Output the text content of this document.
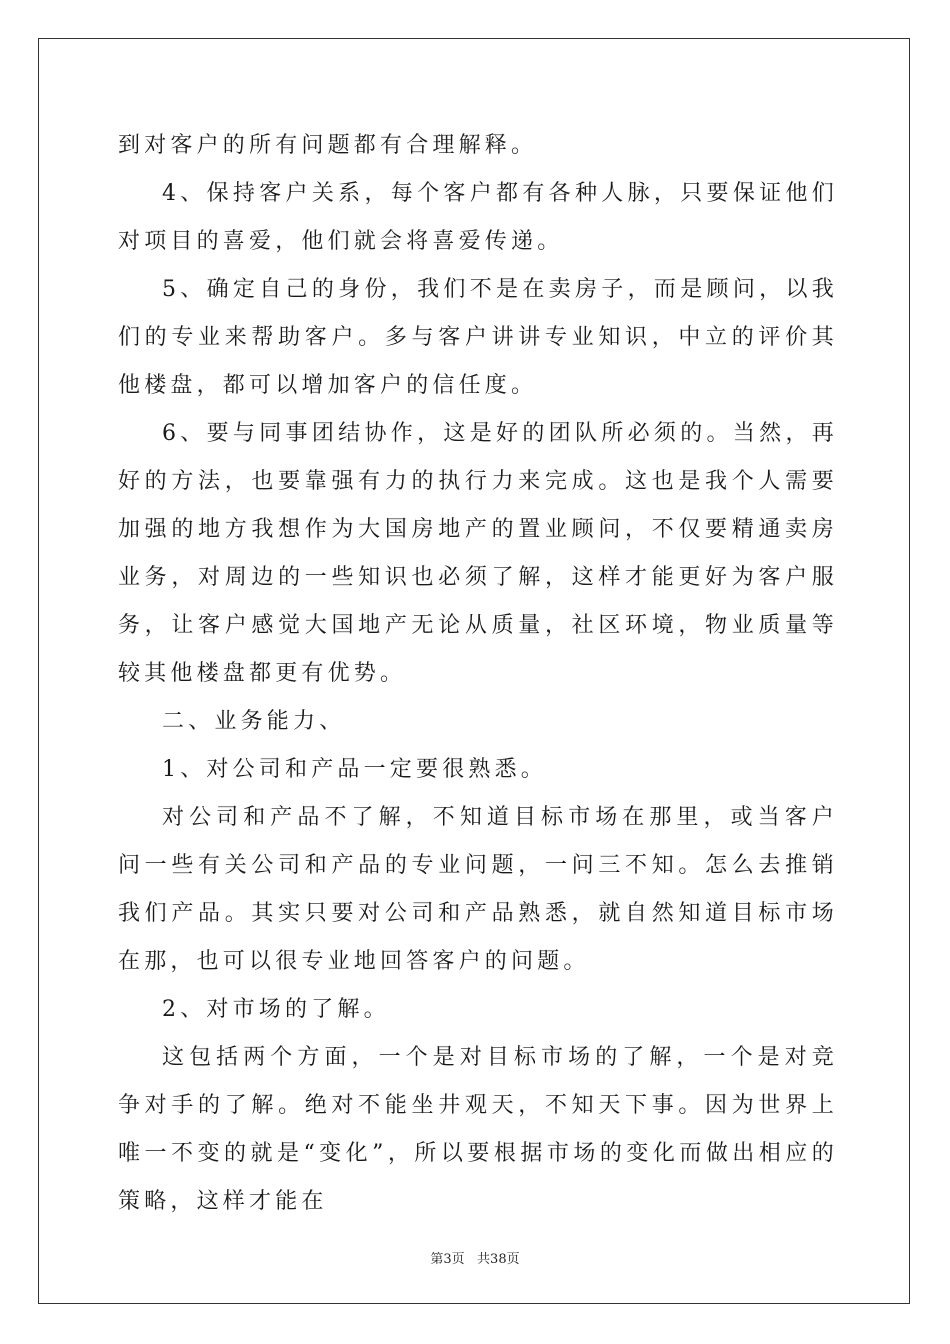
到对客户的所有问题都有合理解释。

4、保持客户关系，每个客户都有各种人脉，只要保证他们对项目的喜爱，他们就会将喜爱传递。

5、确定自己的身份，我们不是在卖房子，而是顾问，以我们的专业来帮助客户。多与客户讲讲专业知识，中立的评价其他楼盘，都可以增加客户的信任度。

6、要与同事团结协作，这是好的团队所必须的。当然，再好的方法，也要靠强有力的执行力来完成。这也是我个人需要加强的地方我想作为大国房地产的置业顾问，不仅要精通卖房业务，对周边的一些知识也必须了解，这样才能更好为客户服务，让客户感觉大国地产无论从质量，社区环境，物业质量等较其他楼盘都更有优势。

二、业务能力、

1、对公司和产品一定要很熟悉。

对公司和产品不了解，不知道目标市场在那里，或当客户问一些有关公司和产品的专业问题，一问三不知。怎么去推销我们产品。其实只要对公司和产品熟悉，就自然知道目标市场在那，也可以很专业地回答客户的问题。

2、对市场的了解。

这包括两个方面，一个是对目标市场的了解，一个是对竞争对手的了解。绝对不能坐井观天，不知天下事。因为世界上唯一不变的就是“变化”，所以要根据市场的变化而做出相应的策略，这样才能在

第3页   共38页
